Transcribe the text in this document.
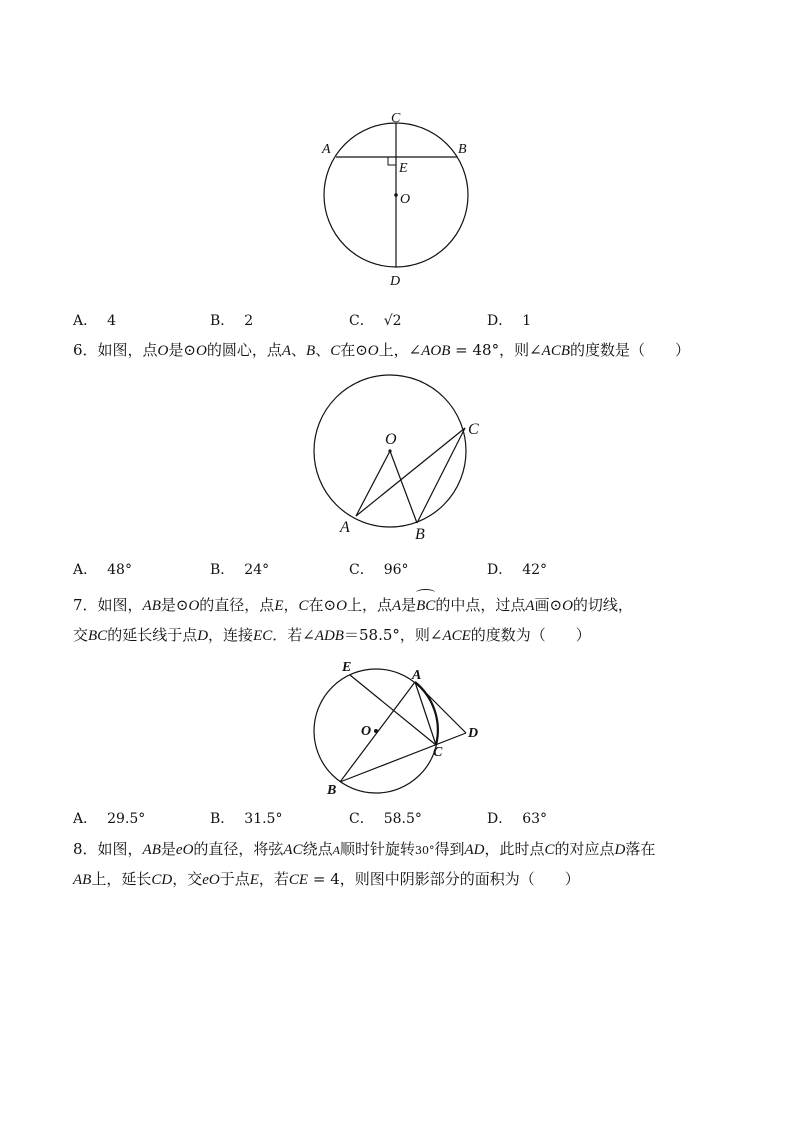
A	B
C
E
O
D
A． 4	B． 2	C． √2	D． 1
6．如图，点O是⊙O的圆心，点A、B、C在⊙O上，∠AOB = 48°，则∠ACB的度数是（　　）
O
C
A	B
A． 48°	B． 24°	C． 96°	D． 42°
7．如图，AB是⊙O的直径，点E，C在⊙O上，点A是BC的中点，过点A画⊙O的切线，
交BC的延长线于点D，连接EC．若∠ADB＝58.5°，则∠ACE的度数为（　　）
E
A
O
C
D
B
A． 29.5°	B． 31.5°	C． 58.5°	D． 63°
8．如图，AB是eO的直径，将弦AC绕点A顺时针旋转30°得到AD，此时点C的对应点D落在
AB上，延长CD，交eO于点E，若CE = 4，则图中阴影部分的面积为（　　）
